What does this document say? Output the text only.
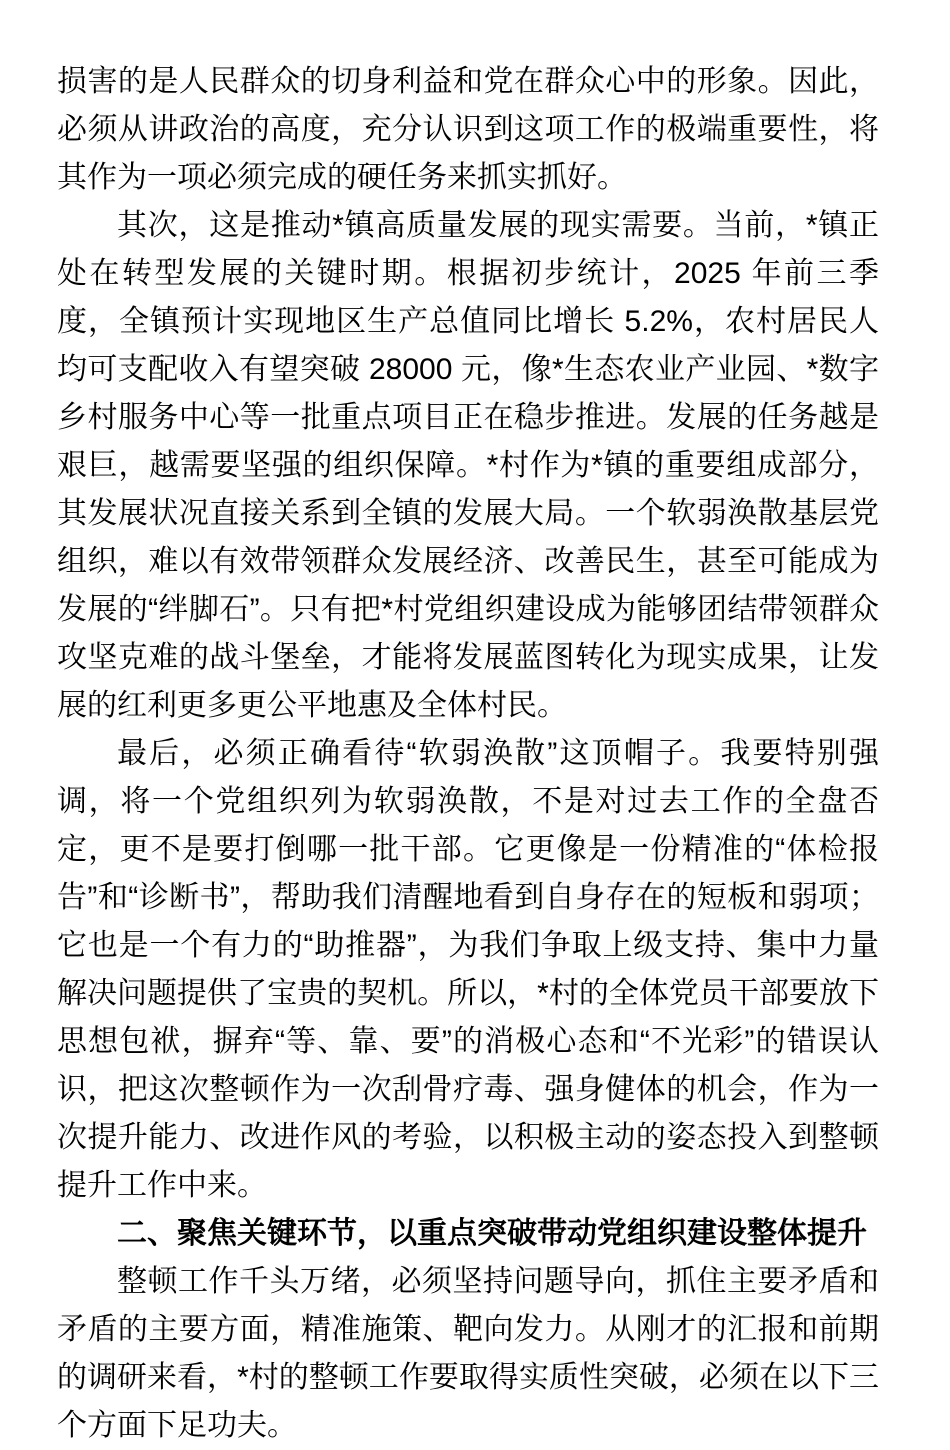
损害的是人民群众的切身利益和党在群众心中的形象。因此，必须从讲政治的高度，充分认识到这项工作的极端重要性，将其作为一项必须完成的硬任务来抓实抓好。

其次，这是推动*镇高质量发展的现实需要。当前，*镇正处在转型发展的关键时期。根据初步统计，2025 年前三季度，全镇预计实现地区生产总值同比增长 5.2%，农村居民人均可支配收入有望突破 28000 元，像*生态农业产业园、*数字乡村服务中心等一批重点项目正在稳步推进。发展的任务越是艰巨，越需要坚强的组织保障。*村作为*镇的重要组成部分，其发展状况直接关系到全镇的发展大局。一个软弱涣散基层党组织，难以有效带领群众发展经济、改善民生，甚至可能成为发展的“绊脚石”。只有把*村党组织建设成为能够团结带领群众攻坚克难的战斗堡垒，才能将发展蓝图转化为现实成果，让发展的红利更多更公平地惠及全体村民。

最后，必须正确看待“软弱涣散”这顶帽子。我要特别强调，将一个党组织列为软弱涣散，不是对过去工作的全盘否定，更不是要打倒哪一批干部。它更像是一份精准的“体检报告”和“诊断书”，帮助我们清醒地看到自身存在的短板和弱项；它也是一个有力的“助推器”，为我们争取上级支持、集中力量解决问题提供了宝贵的契机。所以，*村的全体党员干部要放下思想包袱，摒弃“等、靠、要”的消极心态和“不光彩”的错误认识，把这次整顿作为一次刮骨疗毒、强身健体的机会，作为一次提升能力、改进作风的考验，以积极主动的姿态投入到整顿提升工作中来。

二、聚焦关键环节，以重点突破带动党组织建设整体提升

整顿工作千头万绪，必须坚持问题导向，抓住主要矛盾和矛盾的主要方面，精准施策、靶向发力。从刚才的汇报和前期的调研来看，*村的整顿工作要取得实质性突破，必须在以下三个方面下足功夫。
